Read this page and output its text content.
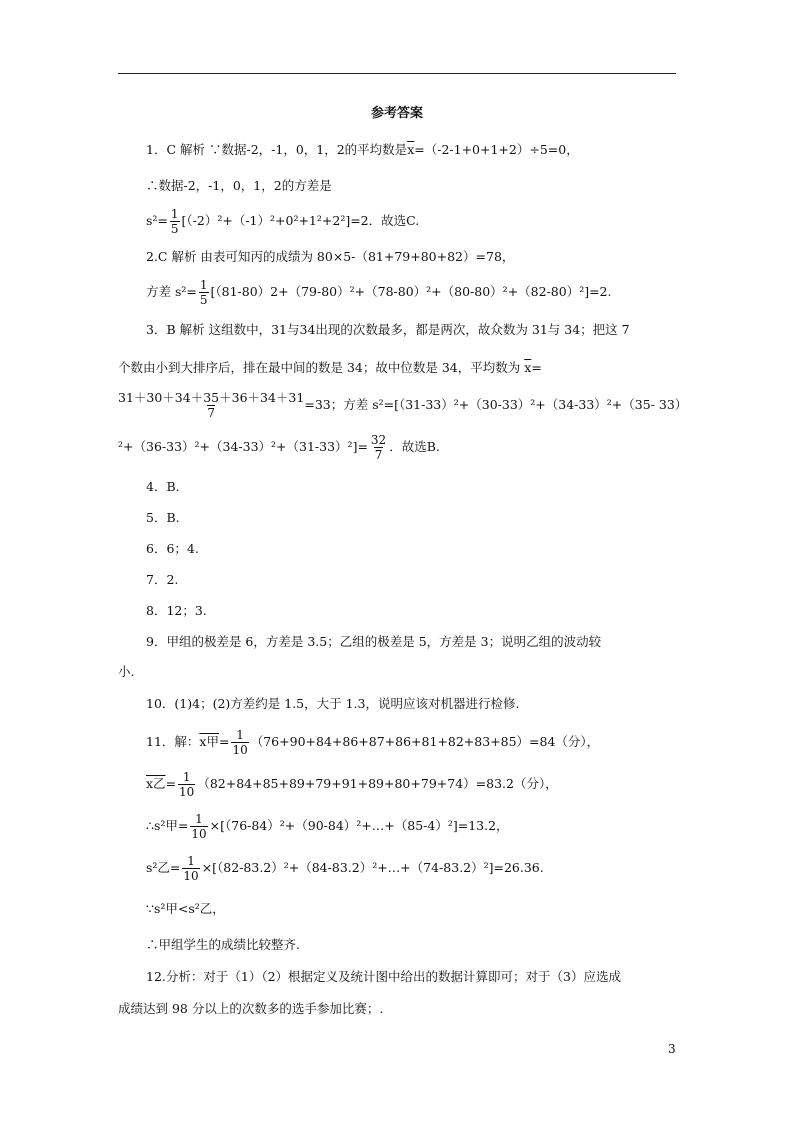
参考答案
1．C 解析 ∵数据-2，-1，0，1，2的平均数是$\overline{x}=(-2-1+0+1+2)\div 5=0$，
∴数据-2，-1，0，1，2的方差是
$s^2= \frac{1}{5} [(-2)^2+(-1)^2+0^2+1^2+2^2]=2$．故选C.
2.C 解析 由表可知丙的成绩为 80×5-（81+79+80+82）=78，
方差 $s^2= \frac{1}{5} [(81-80)2+(79-80)^2+(78-80)^2+(80-80)^2+(82-80)^2]=2$.
3．B 解析 这组数中，31与34出现的次数最多，都是两次，故众数为 31与 34；把这 7
个数由小到大排序后，排在最中间的数是 34；故中位数是 34，平均数为 $\overline{x}=$
$\frac{31+30+34+35+36+34+31}{7} =33$；方差 s²=[（31-33）²+（30-33）²+（34-33）²+（35- 33）
$^2+(36-33)^2+(34-33)^2+(31-33)^2]= \frac{32}{7}$ ．故选B.
4．B.
5．B.
6．6；4.
7．2.
8．12；3.
9．甲组的极差是 6，方差是 3.5；乙组的极差是 5，方差是 3；说明乙组的波动较
小.
10．(1)4；(2)方差约是 1.5，大于 1.3，说明应该对机器进行检修.
11．解：x甲= $\frac{1}{10} (76+90+84+86+87+86+81+82+83+85)=84$（分），
x乙= $\frac{1}{10} (82+84+85+89+79+91+89+80+79+74)=83.2$（分），
∴s²甲= $\frac{1}{10}$ ×[（76-84）²+（90-84）²+…+（85-4）²]=13.2，
s²乙= $\frac{1}{10}$ ×[（82-83.2）²+（84-83.2）²+…+（74-83.2）²]=26.36.
∵s²甲<s²乙，
∴甲组学生的成绩比较整齐.
12.分析：对于（1）（2）根据定义及统计图中给出的数据计算即可；对于（3）应选成
成绩达到 98 分以上的次数多的选手参加比赛；.
3
